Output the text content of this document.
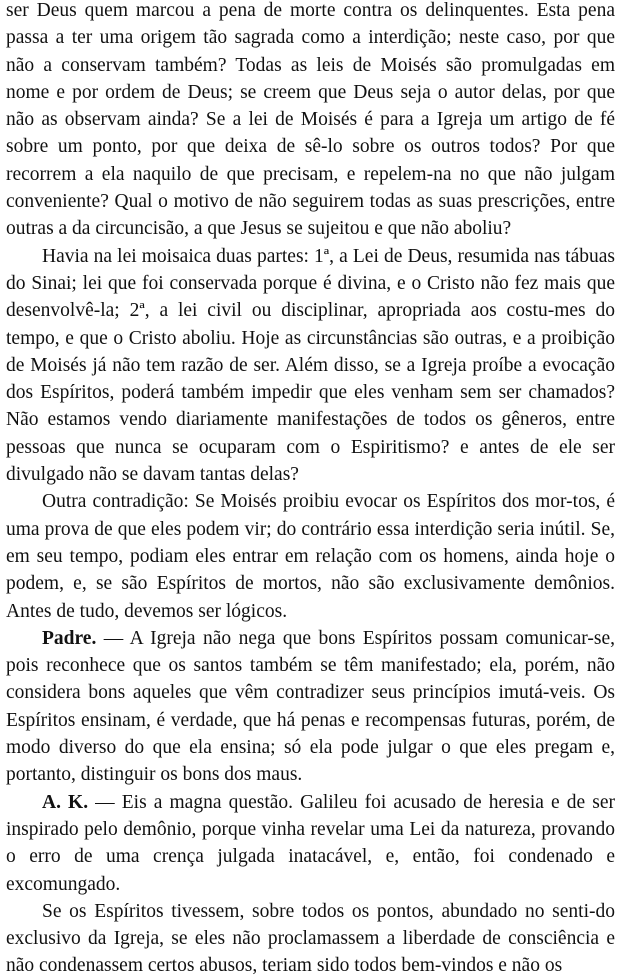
ser Deus quem marcou a pena de morte contra os delinquentes. Esta pena passa a ter uma origem tão sagrada como a interdição; neste caso, por que não a conservam também? Todas as leis de Moisés são promulgadas em nome e por ordem de Deus; se creem que Deus seja o autor delas, por que não as observam ainda? Se a lei de Moisés é para a Igreja um artigo de fé sobre um ponto, por que deixa de sê-lo sobre os outros todos? Por que recorrem a ela naquilo de que precisam, e repelem-na no que não julgam conveniente? Qual o motivo de não seguirem todas as suas prescrições, entre outras a da circuncisão, a que Jesus se sujeitou e que não aboliu?

Havia na lei moisaica duas partes: 1ª, a Lei de Deus, resumida nas tábuas do Sinai; lei que foi conservada porque é divina, e o Cristo não fez mais que desenvolvê-la; 2ª, a lei civil ou disciplinar, apropriada aos costu-mes do tempo, e que o Cristo aboliu. Hoje as circunstâncias são outras, e a proibição de Moisés já não tem razão de ser. Além disso, se a Igreja proíbe a evocação dos Espíritos, poderá também impedir que eles venham sem ser chamados? Não estamos vendo diariamente manifestações de todos os gêneros, entre pessoas que nunca se ocuparam com o Espiritismo? e antes de ele ser divulgado não se davam tantas delas?

Outra contradição: Se Moisés proibiu evocar os Espíritos dos mor-tos, é uma prova de que eles podem vir; do contrário essa interdição seria inútil. Se, em seu tempo, podiam eles entrar em relação com os homens, ainda hoje o podem, e, se são Espíritos de mortos, não são exclusivamente demônios. Antes de tudo, devemos ser lógicos.

Padre. — A Igreja não nega que bons Espíritos possam comunicar-se, pois reconhece que os santos também se têm manifestado; ela, porém, não considera bons aqueles que vêm contradizer seus princípios imutá-veis. Os Espíritos ensinam, é verdade, que há penas e recompensas futuras, porém, de modo diverso do que ela ensina; só ela pode julgar o que eles pregam e, portanto, distinguir os bons dos maus.

A. K. — Eis a magna questão. Galileu foi acusado de heresia e de ser inspirado pelo demônio, porque vinha revelar uma Lei da natureza, provando o erro de uma crença julgada inatacável, e, então, foi condenado e excomungado.

Se os Espíritos tivessem, sobre todos os pontos, abundado no senti-do exclusivo da Igreja, se eles não proclamassem a liberdade de consciência e não condenassem certos abusos, teriam sido todos bem-vindos e não os
